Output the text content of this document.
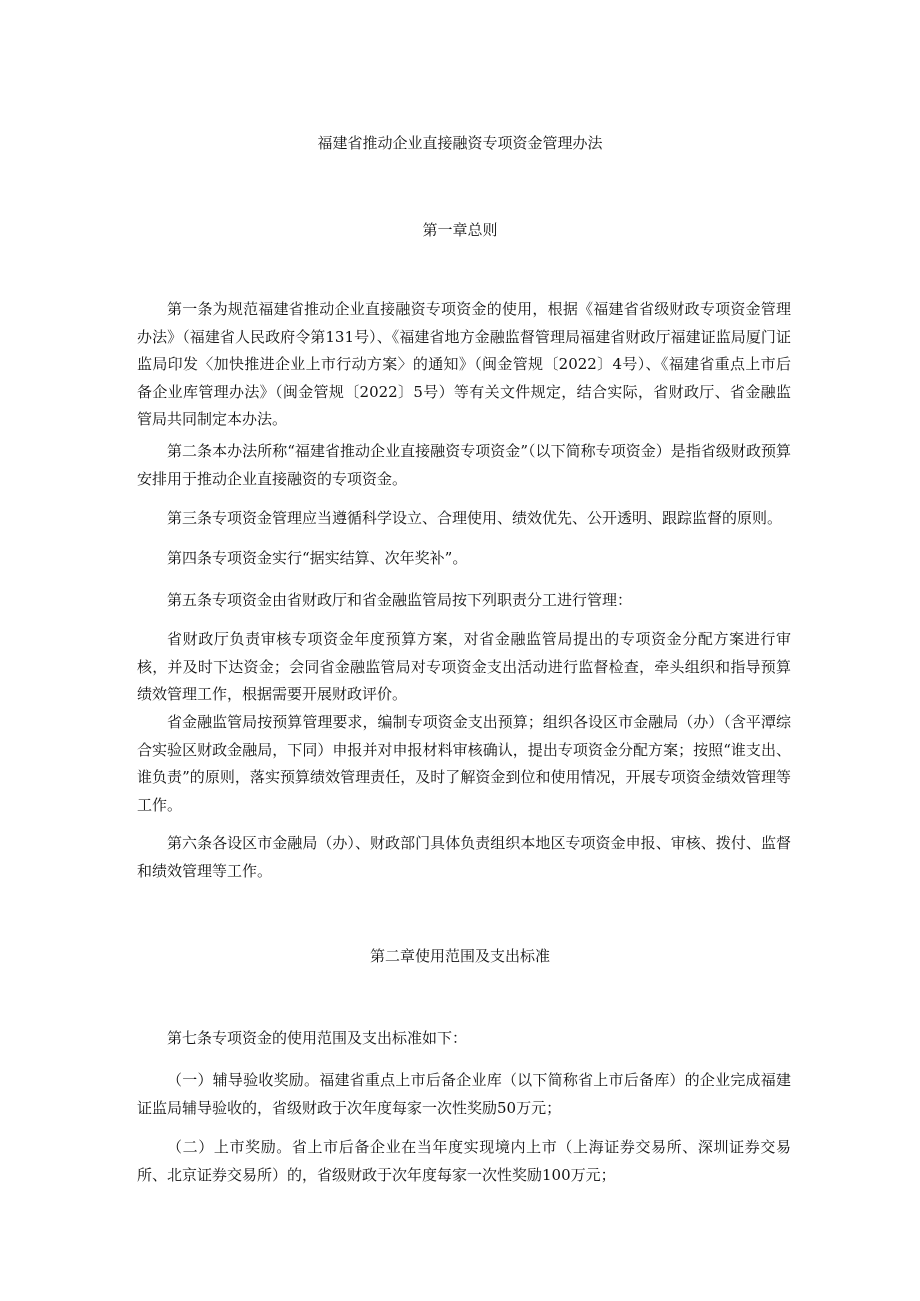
福建省推动企业直接融资专项资金管理办法
第一章总则

第一条为规范福建省推动企业直接融资专项资金的使用，根据《福建省省级财政专项资金管理办法》（福建省人民政府令第131号）、《福建省地方金融监督管理局福建省财政厅福建证监局厦门证监局印发〈加快推进企业上市行动方案〉的通知》（闽金管规〔2022〕4号）、《福建省重点上市后备企业库管理办法》（闽金管规〔2022〕5号）等有关文件规定，结合实际，省财政厅、省金融监管局共同制定本办法。

第二条本办法所称“福建省推动企业直接融资专项资金”（以下简称专项资金）是指省级财政预算安排用于推动企业直接融资的专项资金。

第三条专项资金管理应当遵循科学设立、合理使用、绩效优先、公开透明、跟踪监督的原则。

第四条专项资金实行“据实结算、次年奖补”。

第五条专项资金由省财政厅和省金融监管局按下列职责分工进行管理：

省财政厅负责审核专项资金年度预算方案，对省金融监管局提出的专项资金分配方案进行审核，并及时下达资金；会同省金融监管局对专项资金支出活动进行监督检查，牵头组织和指导预算绩效管理工作，根据需要开展财政评价。

省金融监管局按预算管理要求，编制专项资金支出预算；组织各设区市金融局（办）（含平潭综合实验区财政金融局，下同）申报并对申报材料审核确认，提出专项资金分配方案；按照“谁支出、谁负责”的原则，落实预算绩效管理责任，及时了解资金到位和使用情况，开展专项资金绩效管理等工作。

第六条各设区市金融局（办）、财政部门具体负责组织本地区专项资金申报、审核、拨付、监督和绩效管理等工作。

第二章使用范围及支出标准

第七条专项资金的使用范围及支出标准如下：

（一）辅导验收奖励。福建省重点上市后备企业库（以下简称省上市后备库）的企业完成福建证监局辅导验收的，省级财政于次年度每家一次性奖励50万元；

（二）上市奖励。省上市后备企业在当年度实现境内上市（上海证券交易所、深圳证券交易所、北京证券交易所）的，省级财政于次年度每家一次性奖励100万元；
